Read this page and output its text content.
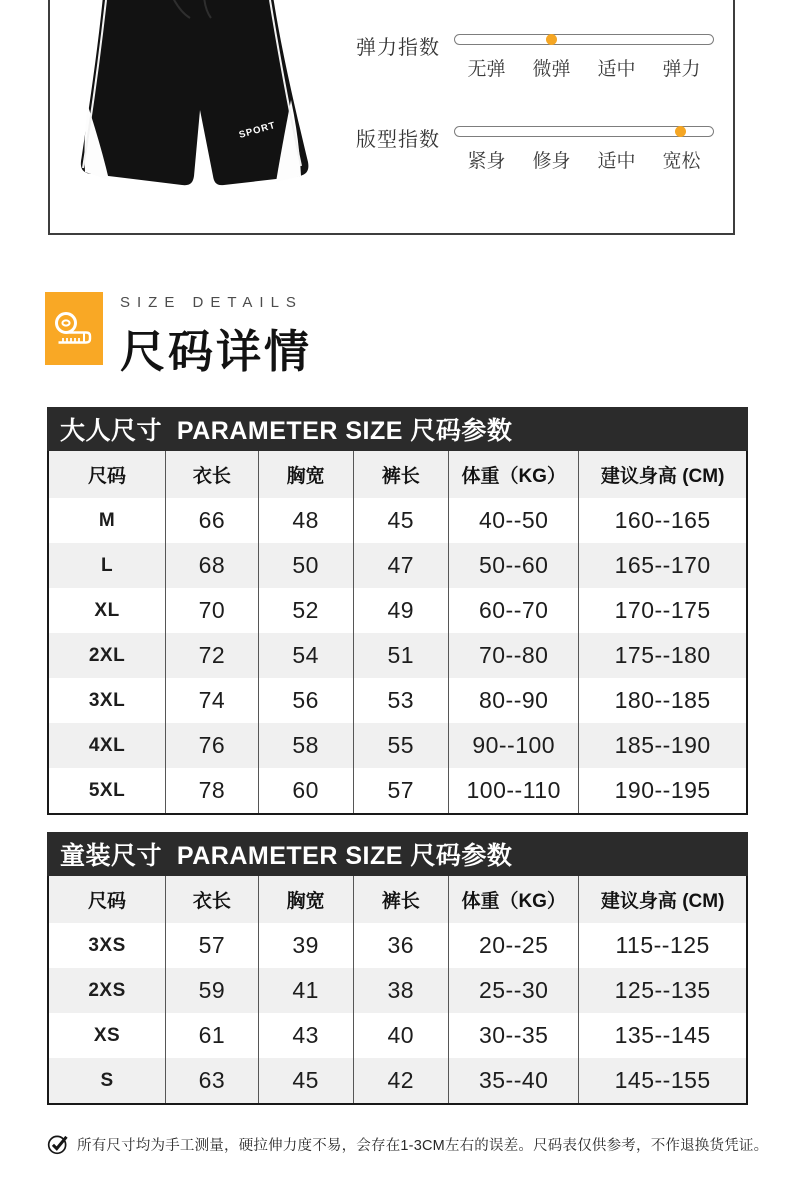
SPORT
弹力指数
无弹	微弹	适中	弹力
版型指数
紧身	修身	适中	宽松
SIZE DETAILS
尺码详情
大人尺寸  PARAMETER SIZE 尺码参数
尺码	衣长	胸宽	裤长	体重（KG）	建议身高 (CM)
M	66	48	45	40--50	160--165
L	68	50	47	50--60	165--170
XL	70	52	49	60--70	170--175
2XL	72	54	51	70--80	175--180
3XL	74	56	53	80--90	180--185
4XL	76	58	55	90--100	185--190
5XL	78	60	57	100--110	190--195
童装尺寸  PARAMETER SIZE 尺码参数
尺码	衣长	胸宽	裤长	体重（KG）	建议身高 (CM)
3XS	57	39	36	20--25	115--125
2XS	59	41	38	25--30	125--135
XS	61	43	40	30--35	135--145
S	63	45	42	35--40	145--155
所有尺寸均为手工测量，硬拉伸力度不易，会存在1-3CM左右的误差。尺码表仅供参考，不作退换货凭证。
